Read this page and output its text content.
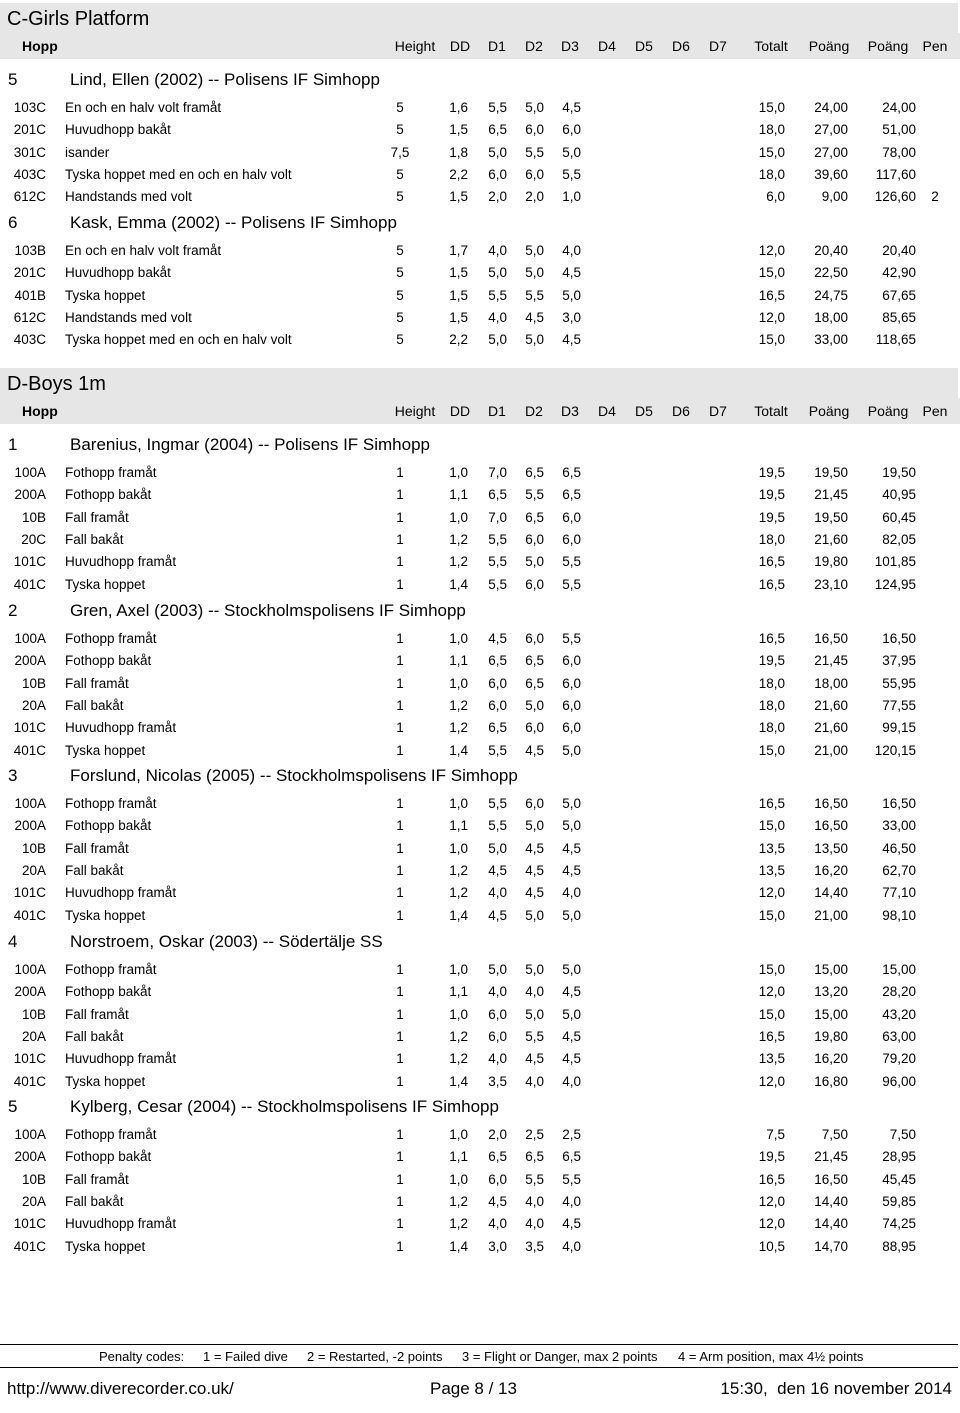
C-Girls Platform
Hopp	Height	DD D1 D2 D3 D4 D5 D6 D7	Totalt	Poäng Poäng Pen
5	Lind, Ellen (2002) -- Polisens IF Simhopp
103C En och en halv volt framåt	5	1,6	5,5	5,0	4,5	15,0	24,00	24,00
201C Huvudhopp bakåt	5	1,5	6,5	6,0	6,0	18,0	27,00	51,00
301C isander	7,5	1,8	5,0	5,5	5,0	15,0	27,00	78,00
403C Tyska hoppet med en och en halv volt	5	2,2	6,0	6,0	5,5	18,0	39,60	117,60
612C Handstands med volt	5	1,5	2,0	2,0	1,0	6,0	9,00	126,60 2
6	Kask, Emma (2002) -- Polisens IF Simhopp
103B En och en halv volt framåt	5	1,7	4,0	5,0	4,0	12,0	20,40	20,40
201C Huvudhopp bakåt	5	1,5	5,0	5,0	4,5	15,0	22,50	42,90
401B Tyska hoppet	5	1,5	5,5	5,5	5,0	16,5	24,75	67,65
612C Handstands med volt	5	1,5	4,0	4,5	3,0	12,0	18,00	85,65
403C Tyska hoppet med en och en halv volt	5	2,2	5,0	5,0	4,5	15,0	33,00	118,65
D-Boys 1m
Hopp	Height	DD D1 D2 D3 D4 D5 D6 D7	Totalt	Poäng Poäng Pen
1	Barenius, Ingmar (2004) -- Polisens IF Simhopp
100A Fothopp framåt	1	1,0	7,0	6,5	6,5	19,5	19,50	19,50
200A Fothopp bakåt	1	1,1	6,5	5,5	6,5	19,5	21,45	40,95
10B Fall framåt	1	1,0	7,0	6,5	6,0	19,5	19,50	60,45
20C Fall bakåt	1	1,2	5,5	6,0	6,0	18,0	21,60	82,05
101C Huvudhopp framåt	1	1,2	5,5	5,0	5,5	16,5	19,80	101,85
401C Tyska hoppet	1	1,4	5,5	6,0	5,5	16,5	23,10	124,95
2	Gren, Axel (2003) -- Stockholmspolisens IF Simhopp
100A Fothopp framåt	1	1,0	4,5	6,0	5,5	16,5	16,50	16,50
200A Fothopp bakåt	1	1,1	6,5	6,5	6,0	19,5	21,45	37,95
10B Fall framåt	1	1,0	6,0	6,5	6,0	18,0	18,00	55,95
20A Fall bakåt	1	1,2	6,0	5,0	6,0	18,0	21,60	77,55
101C Huvudhopp framåt	1	1,2	6,5	6,0	6,0	18,0	21,60	99,15
401C Tyska hoppet	1	1,4	5,5	4,5	5,0	15,0	21,00	120,15
3	Forslund, Nicolas (2005) -- Stockholmspolisens IF Simhopp
100A Fothopp framåt	1	1,0	5,5	6,0	5,0	16,5	16,50	16,50
200A Fothopp bakåt	1	1,1	5,5	5,0	5,0	15,0	16,50	33,00
10B Fall framåt	1	1,0	5,0	4,5	4,5	13,5	13,50	46,50
20A Fall bakåt	1	1,2	4,5	4,5	4,5	13,5	16,20	62,70
101C Huvudhopp framåt	1	1,2	4,0	4,5	4,0	12,0	14,40	77,10
401C Tyska hoppet	1	1,4	4,5	5,0	5,0	15,0	21,00	98,10
4	Norstroem, Oskar (2003) -- Södertälje SS
100A Fothopp framåt	1	1,0	5,0	5,0	5,0	15,0	15,00	15,00
200A Fothopp bakåt	1	1,1	4,0	4,0	4,5	12,0	13,20	28,20
10B Fall framåt	1	1,0	6,0	5,0	5,0	15,0	15,00	43,20
20A Fall bakåt	1	1,2	6,0	5,5	4,5	16,5	19,80	63,00
101C Huvudhopp framåt	1	1,2	4,0	4,5	4,5	13,5	16,20	79,20
401C Tyska hoppet	1	1,4	3,5	4,0	4,0	12,0	16,80	96,00
5	Kylberg, Cesar (2004) -- Stockholmspolisens IF Simhopp
100A Fothopp framåt	1	1,0	2,0	2,5	2,5	7,5	7,50	7,50
200A Fothopp bakåt	1	1,1	6,5	6,5	6,5	19,5	21,45	28,95
10B Fall framåt	1	1,0	6,0	5,5	5,5	16,5	16,50	45,45
20A Fall bakåt	1	1,2	4,5	4,0	4,0	12,0	14,40	59,85
101C Huvudhopp framåt	1	1,2	4,0	4,0	4,5	12,0	14,40	74,25
401C Tyska hoppet	1	1,4	3,0	3,5	4,0	10,5	14,70	88,95
Penalty codes: 1 = Failed dive 2 = Restarted, -2 points 3 = Flight or Danger, max 2 points 4 = Arm position, max 4½ points
http://www.diverecorder.co.uk/	Page 8 / 13	15:30,  den 16 november 2014
